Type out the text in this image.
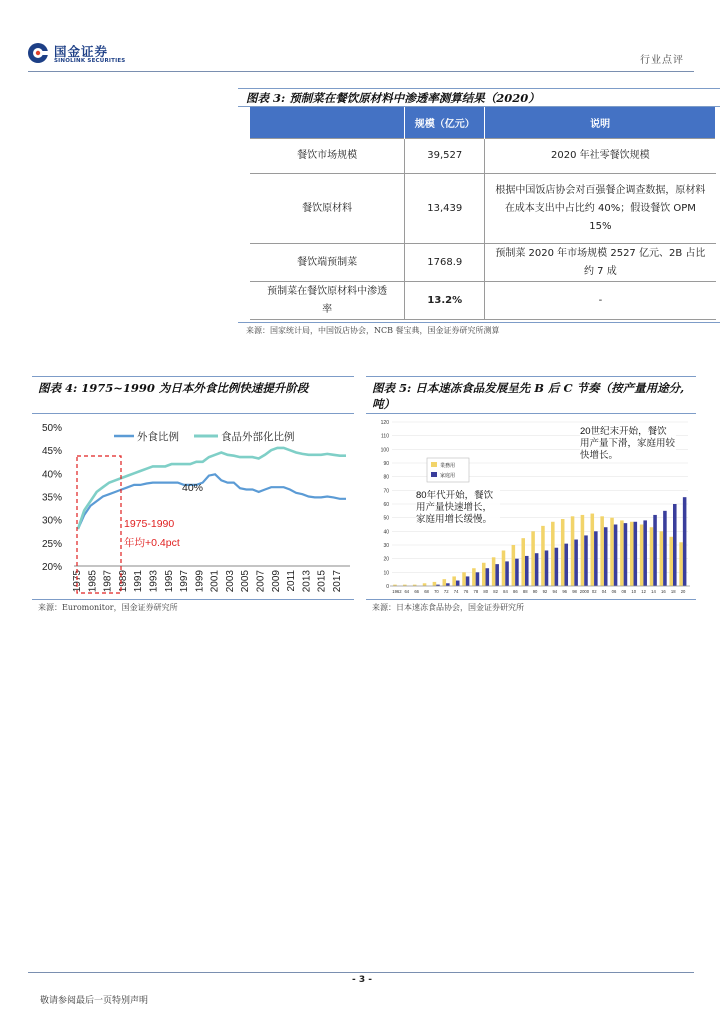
国金证券
SINOLINK SECURITIES	行业点评
图表 3: 预制菜在餐饮原材料中渗透率测算结果（2020）
	规模（亿元）	说明
餐饮市场规模	39,527	2020 年社零餐饮规模
餐饮原材料	13,439	根据中国饭店协会对百强餐企调查数据，原材料在成本支出中占比约 40%；假设餐饮 OPM 15%
餐饮端预制菜	1768.9	预制菜 2020 年市场规模 2527 亿元、2B 占比约 7 成
预制菜在餐饮原材料中渗透率	13.2%	-
来源：国家统计局，中国饭店协会，NCB 餐宝典，国金证券研究所测算
图表 4: 1975~1990 为日本外食比例快速提升阶段
20%
25%
30%
35%
40%
45%
50%
1975 1985 1987 1989 1991 1993 1995 1997 1999 2001 2003 2005 2007 2009 2011 2013 2015 2017
外食比例	食品外部化比例
40%
1975-1990
年均+0.4pct
来源：Euromonitor，国金证券研究所
图表 5: 日本速冻食品发展呈先 B 后 C 节奏（按产量用途分,吨）
0
10
20
30
40
50
60
70
80
90
100
110
120
1962 64 66 68 70 72 74 76 78 80 82 84 86 88 90 92 94 96 98 2000 02 04 06 08 10 12 14 16 18 20
業務用
家庭用
20世纪末开始，餐饮用产量下滑，家庭用较快增长。
80年代开始，餐饮用产量快速增长，家庭用增长缓慢。
来源：日本速冻食品协会，国金证券研究所
- 3 -
敬请参阅最后一页特别声明
